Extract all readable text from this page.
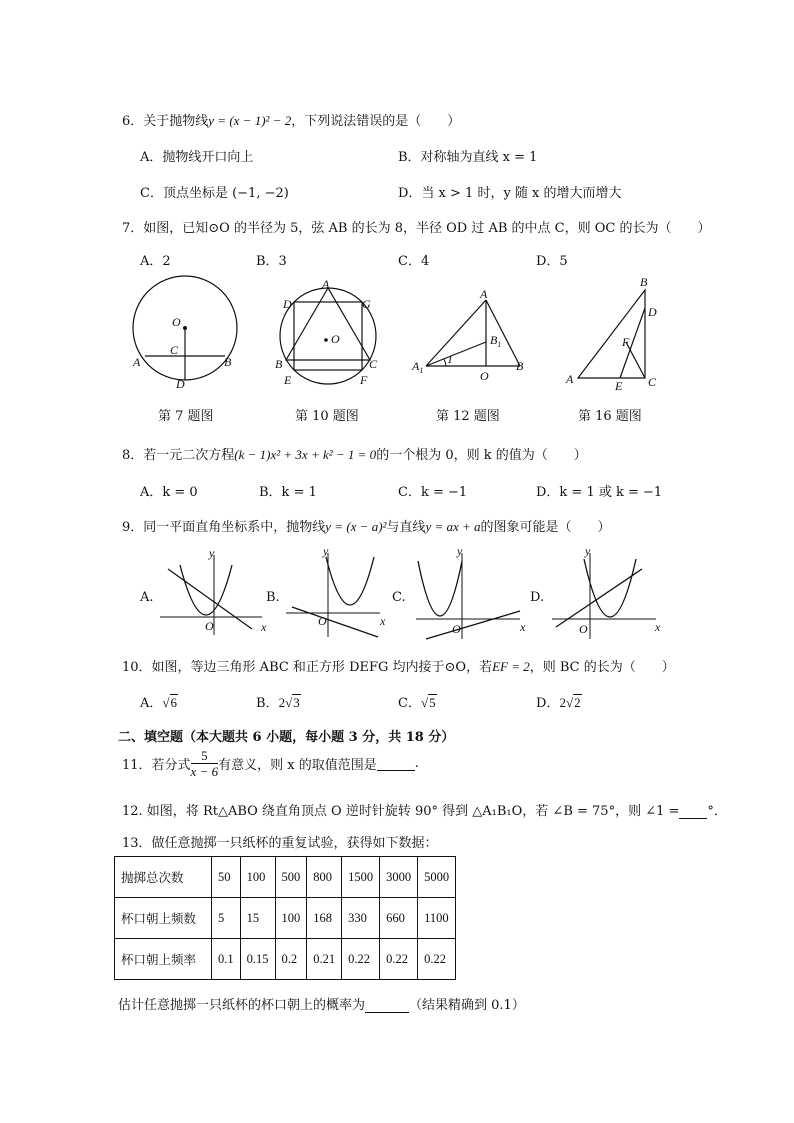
6．关于抛物线y = (x − 1)² − 2，下列说法错误的是（　　）
A．抛物线开口向上	B．对称轴为直线 x = 1
C．顶点坐标是 (−1, −2)	D．当 x > 1 时，y 随 x 的增大而增大
7．如图，已知⊙O 的半径为 5，弦 AB 的长为 8，半径 OD 过 AB 的中点 C，则 OC 的长为（　　）
A．2	B．3	C．4	D．5
O
C
A	B
D
A
D	G
O
B	C
E	F
A
$B_1$
$A_1$	O
B
1
B
D
F
A	E C
第 7 题图	第 10 题图	第 12 题图	第 16 题图
8．若一元二次方程(k − 1)x² + 3x + k² − 1 = 0的一个根为 0，则 k 的值为（　　）
A．k = 0	B．k = 1	C．k = −1	D．k = 1 或 k = −1
9．同一平面直角坐标系中，抛物线y = (x − a)²与直线y = ax + a的图象可能是（　　）
A.	B.	C.	D.
x
y
O	x
y
O	x
y
O	x
y
O
10．如图，等边三角形 ABC 和正方形 DEFG 均内接于⊙O，若EF = 2，则 BC 的长为（　　）
A．√6	B．2√3	C．√5	D．2√2
二、填空题（本大题共 6 小题，每小题 3 分，共 18 分）
11．若分式 $\frac{5}{x - 6}$ 有意义，则 x 的取值范围是	.
12. 如图，将 Rt△ABO 绕直角顶点 O 逆时针旋转 90° 得到 △A₁B₁O，若 ∠B = 75°，则 ∠1 = °．
13．做任意抛掷一只纸杯的重复试验，获得如下数据：
抛掷总次数	50	100	500	800	1500	3000	5000
杯口朝上频数	5	15	100	168	330	660	1100
杯口朝上频率	0.1	0.15	0.2	0.21	0.22	0.22	0.22
估计任意抛掷一只纸杯的杯口朝上的概率为	（结果精确到 0.1）
